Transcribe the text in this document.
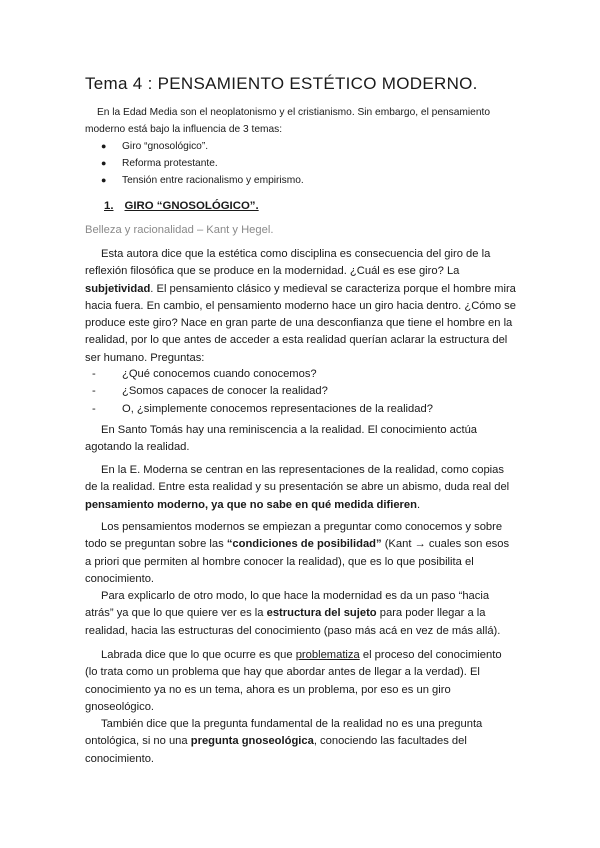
Tema 4 : PENSAMIENTO ESTÉTICO MODERNO.

En la Edad Media son el neoplatonismo y el cristianismo. Sin embargo, el pensamiento
moderno está bajo la influencia de 3 temas:

● Giro “gnosológico”.
● Reforma protestante.
● Tensión entre racionalismo y empirismo.
1. GIRO “GNOSOLÓGICO”.

Belleza y racionalidad – Kant y Hegel.

Esta autora dice que la estética como disciplina es consecuencia del giro de la reflexión filosófica que se produce en la modernidad. ¿Cuál es ese giro? La subjetividad. El pensamiento clásico y medieval se caracteriza porque el hombre mira hacia fuera. En cambio, el pensamiento moderno hace un giro hacia dentro. ¿Cómo se produce este giro? Nace en gran parte de una desconfianza que tiene el hombre en la realidad, por lo que antes de acceder a esta realidad querían aclarar la estructura del ser humano. Preguntas:

- ¿Qué conocemos cuando conocemos?
- ¿Somos capaces de conocer la realidad?
- O, ¿simplemente conocemos representaciones de la realidad?

En Santo Tomás hay una reminiscencia a la realidad. El conocimiento actúa agotando la realidad.

En la E. Moderna se centran en las representaciones de la realidad, como copias de la realidad. Entre esta realidad y su presentación se abre un abismo, duda real del pensamiento moderno, ya que no sabe en qué medida difieren.

Los pensamientos modernos se empiezan a preguntar como conocemos y sobre todo se preguntan sobre las “condiciones de posibilidad” (Kant → cuales son esos a priori que permiten al hombre conocer la realidad), que es lo que posibilita el conocimiento.

Para explicarlo de otro modo, lo que hace la modernidad es da un paso “hacia atrás” ya que lo que quiere ver es la estructura del sujeto para poder llegar a la realidad, hacia las estructuras del conocimiento (paso más acá en vez de más allá).

Labrada dice que lo que ocurre es que problematiza el proceso del conocimiento (lo trata como un problema que hay que abordar antes de llegar a la verdad). El conocimiento ya no es un tema, ahora es un problema, por eso es un giro gnoseológico.

También dice que la pregunta fundamental de la realidad no es una pregunta ontológica, si no una pregunta gnoseológica, conociendo las facultades del conocimiento.
